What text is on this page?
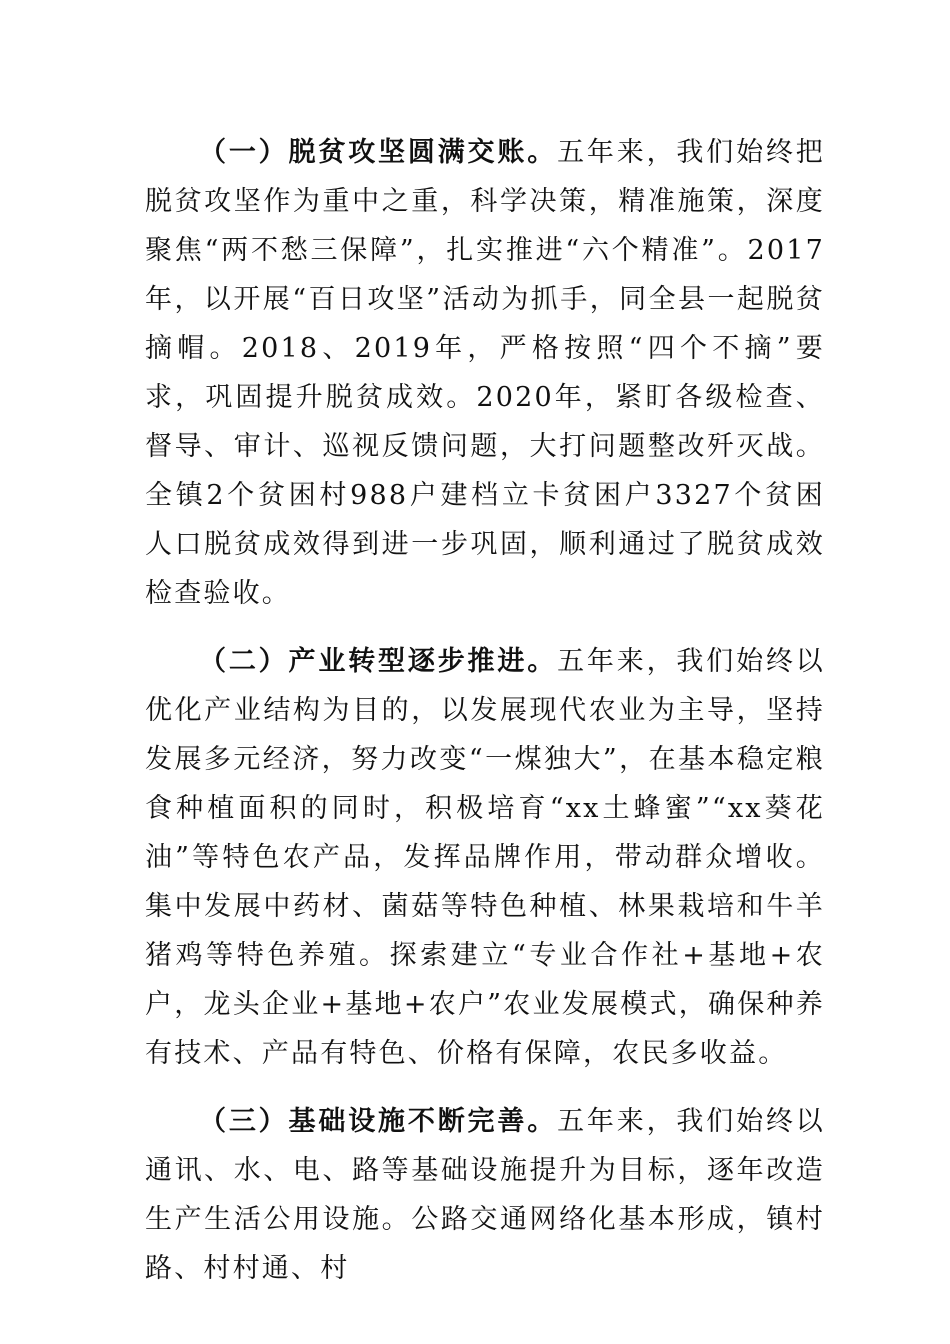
（一）脱贫攻坚圆满交账。五年来，我们始终把脱贫攻坚作为重中之重，科学决策，精准施策，深度聚焦“两不愁三保障”，扎实推进“六个精准”。2017年，以开展“百日攻坚”活动为抓手，同全县一起脱贫摘帽。2018、2019年，严格按照“四个不摘”要求，巩固提升脱贫成效。2020年，紧盯各级检查、督导、审计、巡视反馈问题，大打问题整改歼灭战。全镇2个贫困村988户建档立卡贫困户3327个贫困人口脱贫成效得到进一步巩固，顺利通过了脱贫成效检查验收。

（二）产业转型逐步推进。五年来，我们始终以优化产业结构为目的，以发展现代农业为主导，坚持发展多元经济，努力改变“一煤独大”，在基本稳定粮食种植面积的同时，积极培育“xx土蜂蜜”“xx葵花油”等特色农产品，发挥品牌作用，带动群众增收。集中发展中药材、菌菇等特色种植、林果栽培和牛羊猪鸡等特色养殖。探索建立“专业合作社+基地+农户，龙头企业+基地+农户”农业发展模式，确保种养有技术、产品有特色、价格有保障，农民多收益。

（三）基础设施不断完善。五年来，我们始终以通讯、水、电、路等基础设施提升为目标，逐年改造生产生活公用设施。公路交通网络化基本形成，镇村路、村村通、村
